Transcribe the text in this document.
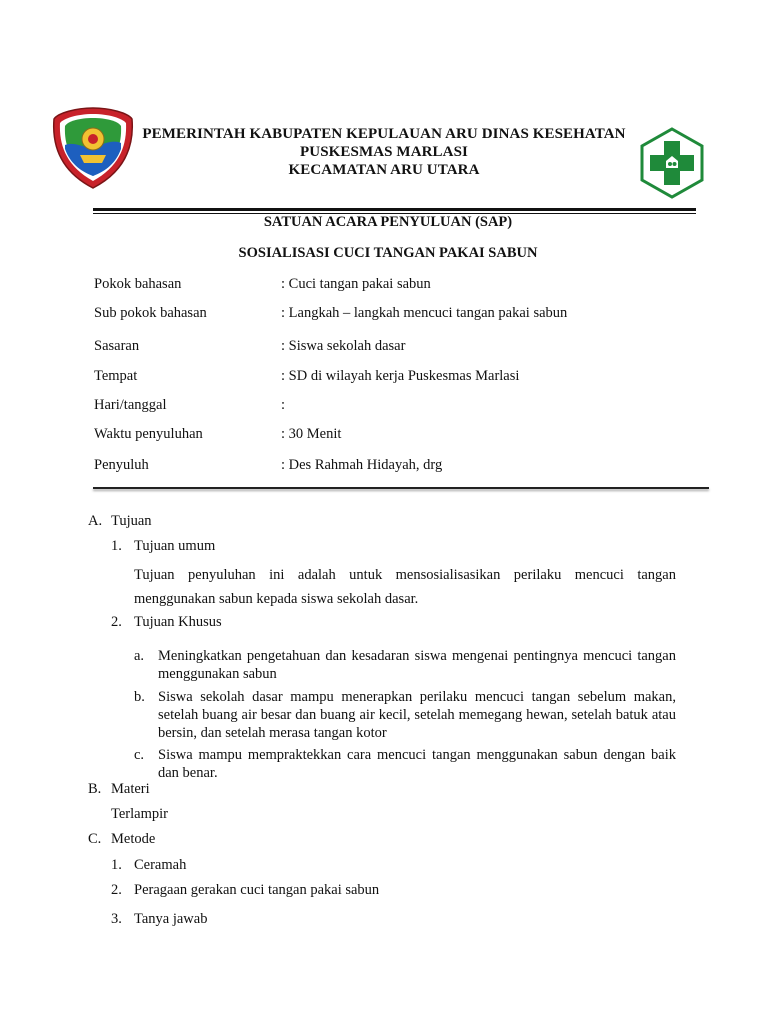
PEMERINTAH KABUPATEN KEPULAUAN ARU DINAS KESEHATAN
PUSKESMAS MARLASI
KECAMATAN ARU UTARA
SATUAN ACARA PENYULUAN (SAP)
SOSIALISASI CUCI TANGAN PAKAI SABUN
Pokok bahasan	: Cuci tangan pakai sabun
Sub pokok bahasan	: Langkah – langkah mencuci tangan pakai sabun
Sasaran	: Siswa sekolah dasar
Tempat	: SD di wilayah kerja Puskesmas Marlasi
Hari/tanggal	:
Waktu penyuluhan	: 30 Menit
Penyuluh	: Des Rahmah Hidayah, drg
A. Tujuan
1. Tujuan umum
Tujuan penyuluhan ini adalah untuk mensosialisasikan perilaku mencuci tangan menggunakan sabun kepada siswa sekolah dasar.
2. Tujuan Khusus
a. Meningkatkan pengetahuan dan kesadaran siswa mengenai pentingnya mencuci tangan menggunakan sabun
b. Siswa sekolah dasar mampu menerapkan perilaku mencuci tangan sebelum makan, setelah buang air besar dan buang air kecil, setelah memegang hewan, setelah batuk atau bersin, dan setelah merasa tangan kotor
c. Siswa mampu mempraktekkan cara mencuci tangan menggunakan sabun dengan baik dan benar.
B. Materi
Terlampir
C. Metode
1. Ceramah
2. Peragaan gerakan cuci tangan pakai sabun
3. Tanya jawab
